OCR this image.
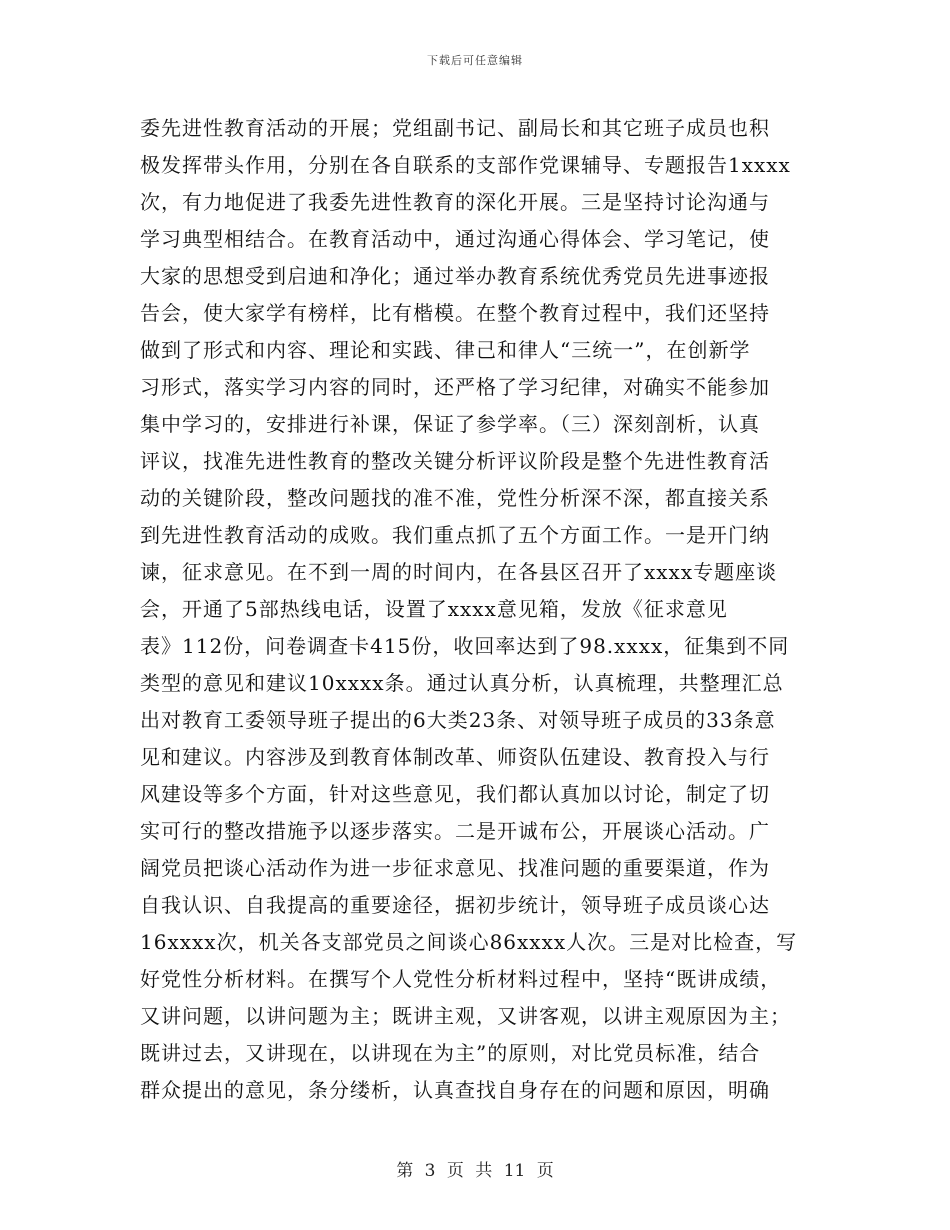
下载后可任意编辑
委先进性教育活动的开展；党组副书记、副局长和其它班子成员也积
极发挥带头作用，分别在各自联系的支部作党课辅导、专题报告1xxxx
次，有力地促进了我委先进性教育的深化开展。三是坚持讨论沟通与
学习典型相结合。在教育活动中，通过沟通心得体会、学习笔记，使
大家的思想受到启迪和净化；通过举办教育系统优秀党员先进事迹报
告会，使大家学有榜样，比有楷模。在整个教育过程中，我们还坚持
做到了形式和内容、理论和实践、律己和律人“三统一”，在创新学
习形式，落实学习内容的同时，还严格了学习纪律，对确实不能参加
集中学习的，安排进行补课，保证了参学率。（三）深刻剖析，认真
评议，找准先进性教育的整改关键分析评议阶段是整个先进性教育活
动的关键阶段，整改问题找的准不准，党性分析深不深，都直接关系
到先进性教育活动的成败。我们重点抓了五个方面工作。一是开门纳
谏，征求意见。在不到一周的时间内，在各县区召开了xxxx专题座谈
会，开通了5部热线电话，设置了xxxx意见箱，发放《征求意见
表》112份，问卷调查卡415份，收回率达到了98.xxxx，征集到不同
类型的意见和建议10xxxx条。通过认真分析，认真梳理，共整理汇总
出对教育工委领导班子提出的6大类23条、对领导班子成员的33条意
见和建议。内容涉及到教育体制改革、师资队伍建设、教育投入与行
风建设等多个方面，针对这些意见，我们都认真加以讨论，制定了切
实可行的整改措施予以逐步落实。二是开诚布公，开展谈心活动。广
阔党员把谈心活动作为进一步征求意见、找准问题的重要渠道，作为
自我认识、自我提高的重要途径，据初步统计，领导班子成员谈心达
16xxxx次，机关各支部党员之间谈心86xxxx人次。三是对比检查，写
好党性分析材料。在撰写个人党性分析材料过程中，坚持“既讲成绩，
又讲问题，以讲问题为主；既讲主观，又讲客观，以讲主观原因为主；
既讲过去，又讲现在，以讲现在为主”的原则，对比党员标准，结合
群众提出的意见，条分缕析，认真查找自身存在的问题和原因，明确
第 3 页 共 11 页
